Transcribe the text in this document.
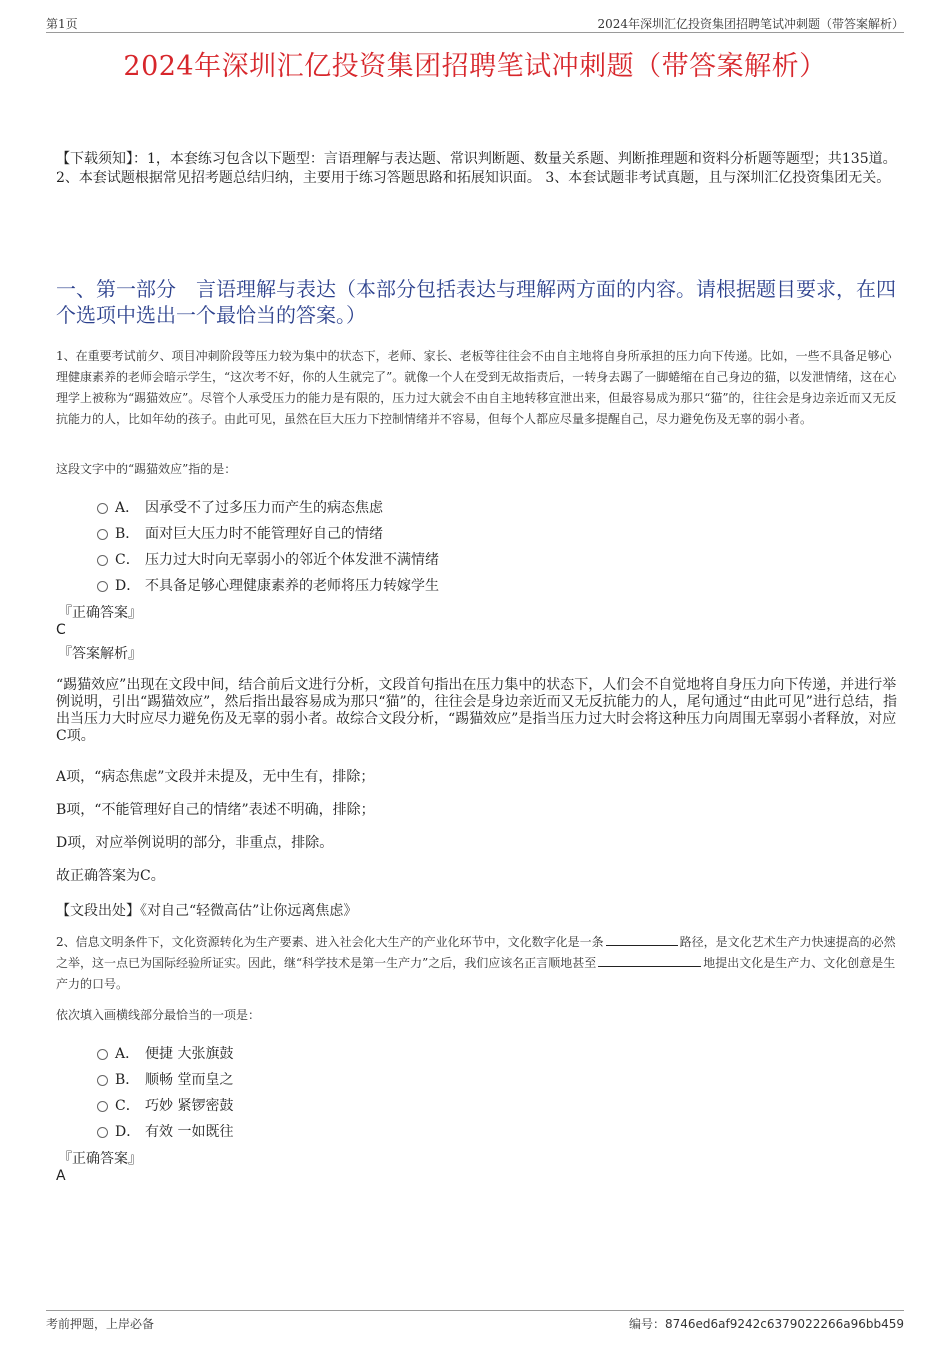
第1页	2024年深圳汇亿投资集团招聘笔试冲刺题（带答案解析）
2024年深圳汇亿投资集团招聘笔试冲刺题（带答案解析）
【下载须知】：1，本套练习包含以下题型：言语理解与表达题、常识判断题、数量关系题、判断推理题和资料分析题等题型；共135道。 2、本套试题根据常见招考题总结归纳，主要用于练习答题思路和拓展知识面。 3、本套试题非考试真题，且与深圳汇亿投资集团无关。
一、第一部分 言语理解与表达（本部分包括表达与理解两方面的内容。请根据题目要求，在四个选项中选出一个最恰当的答案。）
1、在重要考试前夕、项目冲刺阶段等压力较为集中的状态下，老师、家长、老板等往往会不由自主地将自身所承担的压力向下传递。比如，一些不具备足够心理健康素养的老师会暗示学生，“这次考不好，你的人生就完了”。就像一个人在受到无故指责后，一转身去踢了一脚蜷缩在自己身边的猫，以发泄情绪，这在心理学上被称为“踢猫效应”。尽管个人承受压力的能力是有限的，压力过大就会不由自主地转移宣泄出来，但最容易成为那只“猫”的，往往会是身边亲近而又无反抗能力的人，比如年幼的孩子。由此可见，虽然在巨大压力下控制情绪并不容易，但每个人都应尽量多提醒自己，尽力避免伤及无辜的弱小者。
这段文字中的“踢猫效应”指的是：
A． 因承受不了过多压力而产生的病态焦虑
B． 面对巨大压力时不能管理好自己的情绪
C． 压力过大时向无辜弱小的邻近个体发泄不满情绪
D． 不具备足够心理健康素养的老师将压力转嫁学生
『正确答案』
C
『答案解析』
“踢猫效应”出现在文段中间，结合前后文进行分析，文段首句指出在压力集中的状态下，人们会不自觉地将自身压力向下传递，并进行举例说明，引出“踢猫效应”，然后指出最容易成为那只“猫”的，往往会是身边亲近而又无反抗能力的人，尾句通过“由此可见”进行总结，指出当压力大时应尽力避免伤及无辜的弱小者。故综合文段分析，“踢猫效应”是指当压力过大时会将这种压力向周围无辜弱小者释放，对应C项。
A项，“病态焦虑”文段并未提及，无中生有，排除；
B项，“不能管理好自己的情绪”表述不明确，排除；
D项，对应举例说明的部分，非重点，排除。
故正确答案为C。
【文段出处】《对自己“轻微高估”让你远离焦虑》
2、信息文明条件下，文化资源转化为生产要素、进入社会化大生产的产业化环节中，文化数字化是一条	路径，是文化艺术生产力快速提高的必然之举，这一点已为国际经验所证实。因此，继“科学技术是第一生产力”之后，我们应该名正言顺地甚至	地提出文化是生产力、文化创意是生产力的口号。
依次填入画横线部分最恰当的一项是：
A． 便捷 大张旗鼓
B． 顺畅 堂而皇之
C． 巧妙 紧锣密鼓
D． 有效 一如既往
『正确答案』
A
考前押题，上岸必备	编号：8746ed6af9242c6379022266a96bb459
